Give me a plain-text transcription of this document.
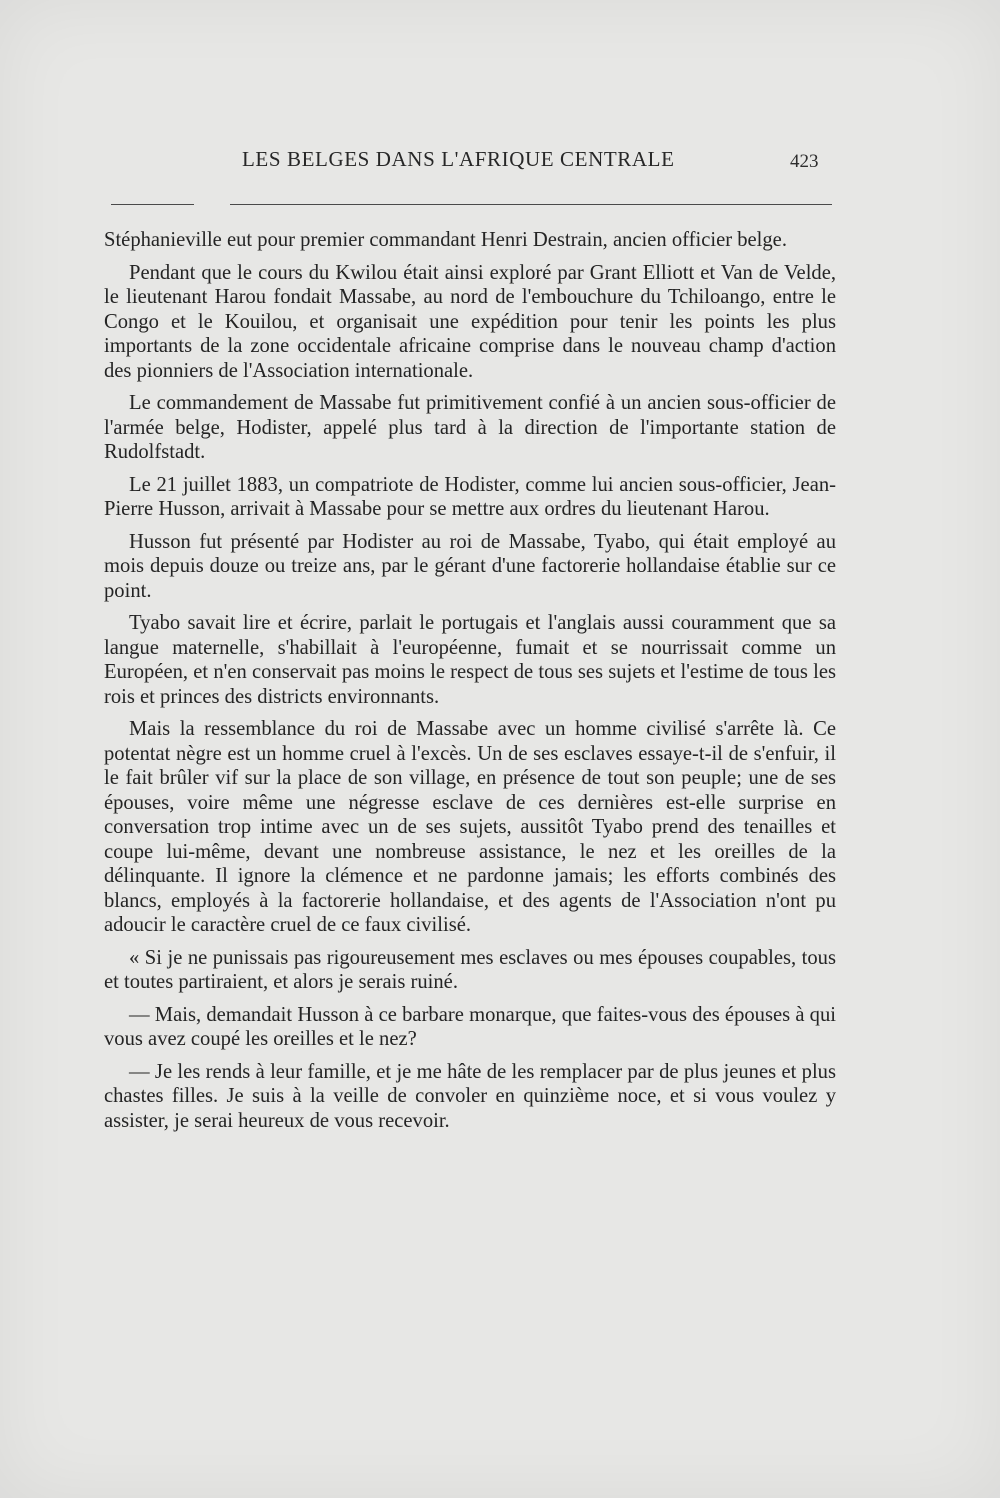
LES BELGES DANS L'AFRIQUE CENTRALE	423

Stéphanieville eut pour premier commandant Henri Destrain, ancien officier belge.

Pendant que le cours du Kwilou était ainsi exploré par Grant Elliott et Van de Velde, le lieutenant Harou fondait Massabe, au nord de l'embouchure du Tchiloango, entre le Congo et le Kouilou, et organisait une expédition pour tenir les points les plus importants de la zone occidentale africaine comprise dans le nouveau champ d'action des pionniers de l'Association internationale.

Le commandement de Massabe fut primitivement confié à un ancien sous-officier de l'armée belge, Hodister, appelé plus tard à la direction de l'importante station de Rudolfstadt.

Le 21 juillet 1883, un compatriote de Hodister, comme lui ancien sous-officier, Jean-Pierre Husson, arrivait à Massabe pour se mettre aux ordres du lieutenant Harou.

Husson fut présenté par Hodister au roi de Massabe, Tyabo, qui était employé au mois depuis douze ou treize ans, par le gérant d'une factorerie hollandaise établie sur ce point.

Tyabo savait lire et écrire, parlait le portugais et l'anglais aussi couramment que sa langue maternelle, s'habillait à l'européenne, fumait et se nourrissait comme un Européen, et n'en conservait pas moins le respect de tous ses sujets et l'estime de tous les rois et princes des districts environnants.

Mais la ressemblance du roi de Massabe avec un homme civilisé s'arrête là. Ce potentat nègre est un homme cruel à l'excès. Un de ses esclaves essaye-t-il de s'enfuir, il le fait brûler vif sur la place de son village, en présence de tout son peuple; une de ses épouses, voire même une négresse esclave de ces dernières est-elle surprise en conversation trop intime avec un de ses sujets, aussitôt Tyabo prend des tenailles et coupe lui-même, devant une nombreuse assistance, le nez et les oreilles de la délinquante. Il ignore la clémence et ne pardonne jamais; les efforts combinés des blancs, employés à la factorerie hollandaise, et des agents de l'Association n'ont pu adoucir le caractère cruel de ce faux civilisé.

« Si je ne punissais pas rigoureusement mes esclaves ou mes épouses coupables, tous et toutes partiraient, et alors je serais ruiné.

— Mais, demandait Husson à ce barbare monarque, que faites-vous des épouses à qui vous avez coupé les oreilles et le nez?

— Je les rends à leur famille, et je me hâte de les remplacer par de plus jeunes et plus chastes filles. Je suis à la veille de convoler en quinzième noce, et si vous voulez y assister, je serai heureux de vous recevoir.
